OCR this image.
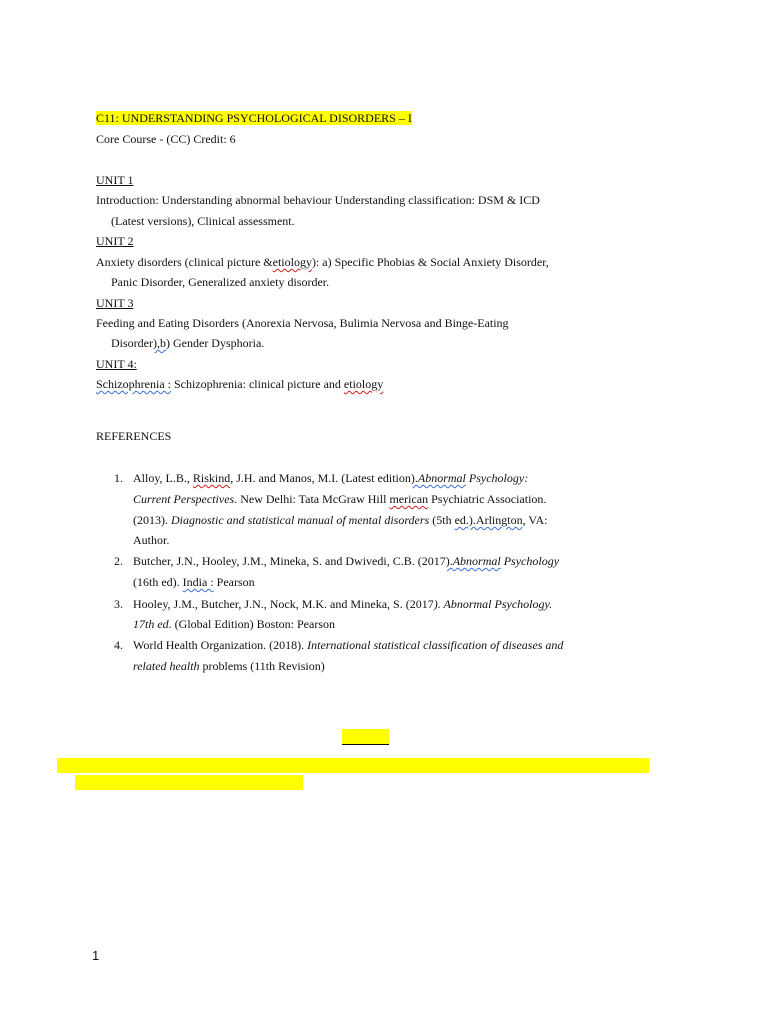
C11: UNDERSTANDING PSYCHOLOGICAL DISORDERS – I
Core Course - (CC) Credit: 6
UNIT 1
Introduction: Understanding abnormal behaviour Understanding classification: DSM & ICD
(Latest versions), Clinical assessment.
UNIT 2
Anxiety disorders (clinical picture &etiology): a) Specific Phobias & Social Anxiety Disorder,
Panic Disorder, Generalized anxiety disorder.
UNIT 3
Feeding and Eating Disorders (Anorexia Nervosa, Bulimia Nervosa and Binge-Eating
Disorder),b) Gender Dysphoria.
UNIT 4:
Schizophrenia : Schizophrenia: clinical picture and etiology
REFERENCES
1. Alloy, L.B., Riskind, J.H. and Manos, M.I. (Latest edition).Abnormal Psychology:
Current Perspectives. New Delhi: Tata McGraw Hill merican Psychiatric Association.
(2013). Diagnostic and statistical manual of mental disorders (5th ed.).Arlington, VA:
Author.
2. Butcher, J.N., Hooley, J.M., Mineka, S. and Dwivedi, C.B. (2017).Abnormal Psychology
(16th ed). India : Pearson
3. Hooley, J.M., Butcher, J.N., Nock, M.K. and Mineka, S. (2017). Abnormal Psychology.
17th ed. (Global Edition) Boston: Pearson
4. World Health Organization. (2018). International statistical classification of diseases and
related health problems (11th Revision)
1
